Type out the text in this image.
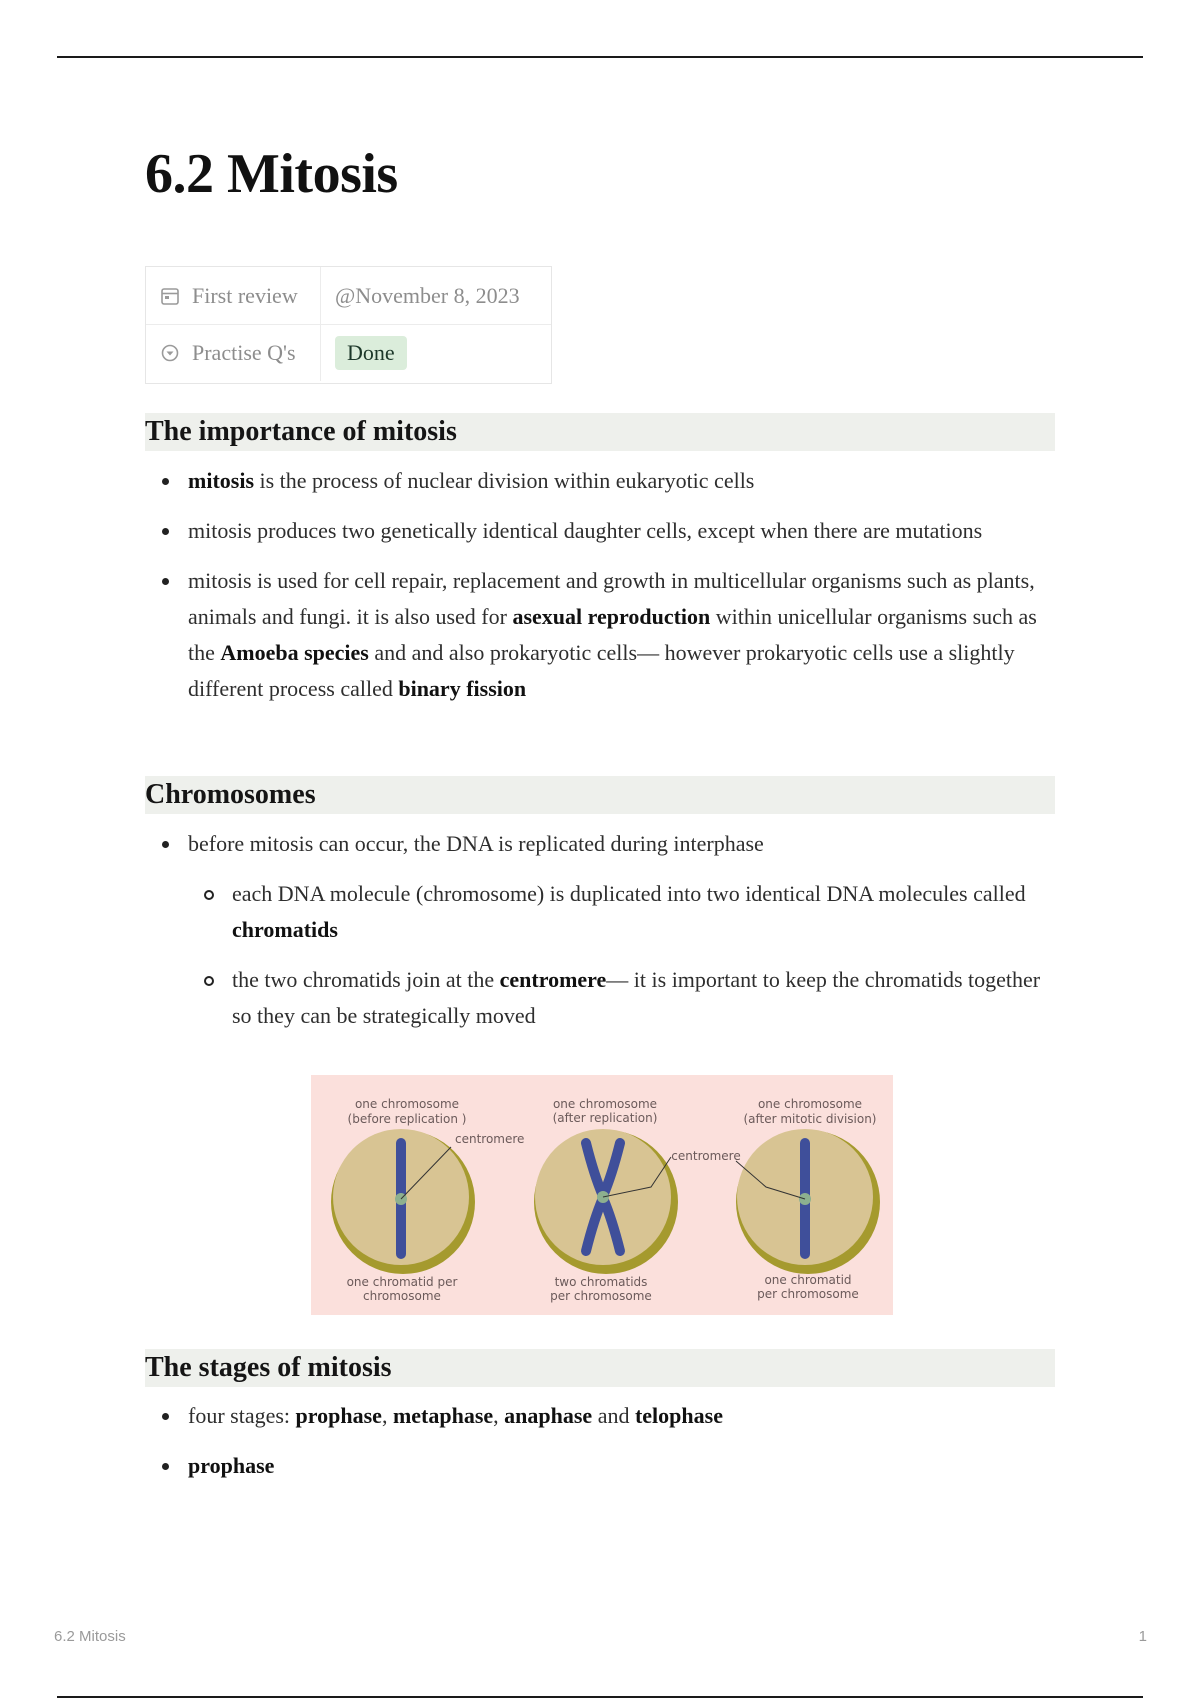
6.2 Mitosis
First review @November 8, 2023
Practise Q's	Done
The importance of mitosis
mitosis is the process of nuclear division within eukaryotic cells
mitosis produces two genetically identical daughter cells, except when there are mutations
mitosis is used for cell repair, replacement and growth in multicellular organisms such as plants, animals and fungi. it is also used for asexual reproduction within unicellular organisms such as the Amoeba species and and also prokaryotic cells— however prokaryotic cells use a slightly different process called binary fission
Chromosomes
before mitosis can occur, the DNA is replicated during interphase
each DNA molecule (chromosome) is duplicated into two identical DNA molecules called chromatids
the two chromatids join at the centromere— it is important to keep the chromatids together so they can be strategically moved
one chromosome
(before replication )
centromere
one chromatid per
chromosome
one chromosome
(after replication)
centromere
two chromatids
per chromosome
one chromosome
(after mitotic division)
one chromatid
per chromosome
The stages of mitosis
four stages: prophase, metaphase, anaphase and telophase
prophase
6.2 Mitosis	1
